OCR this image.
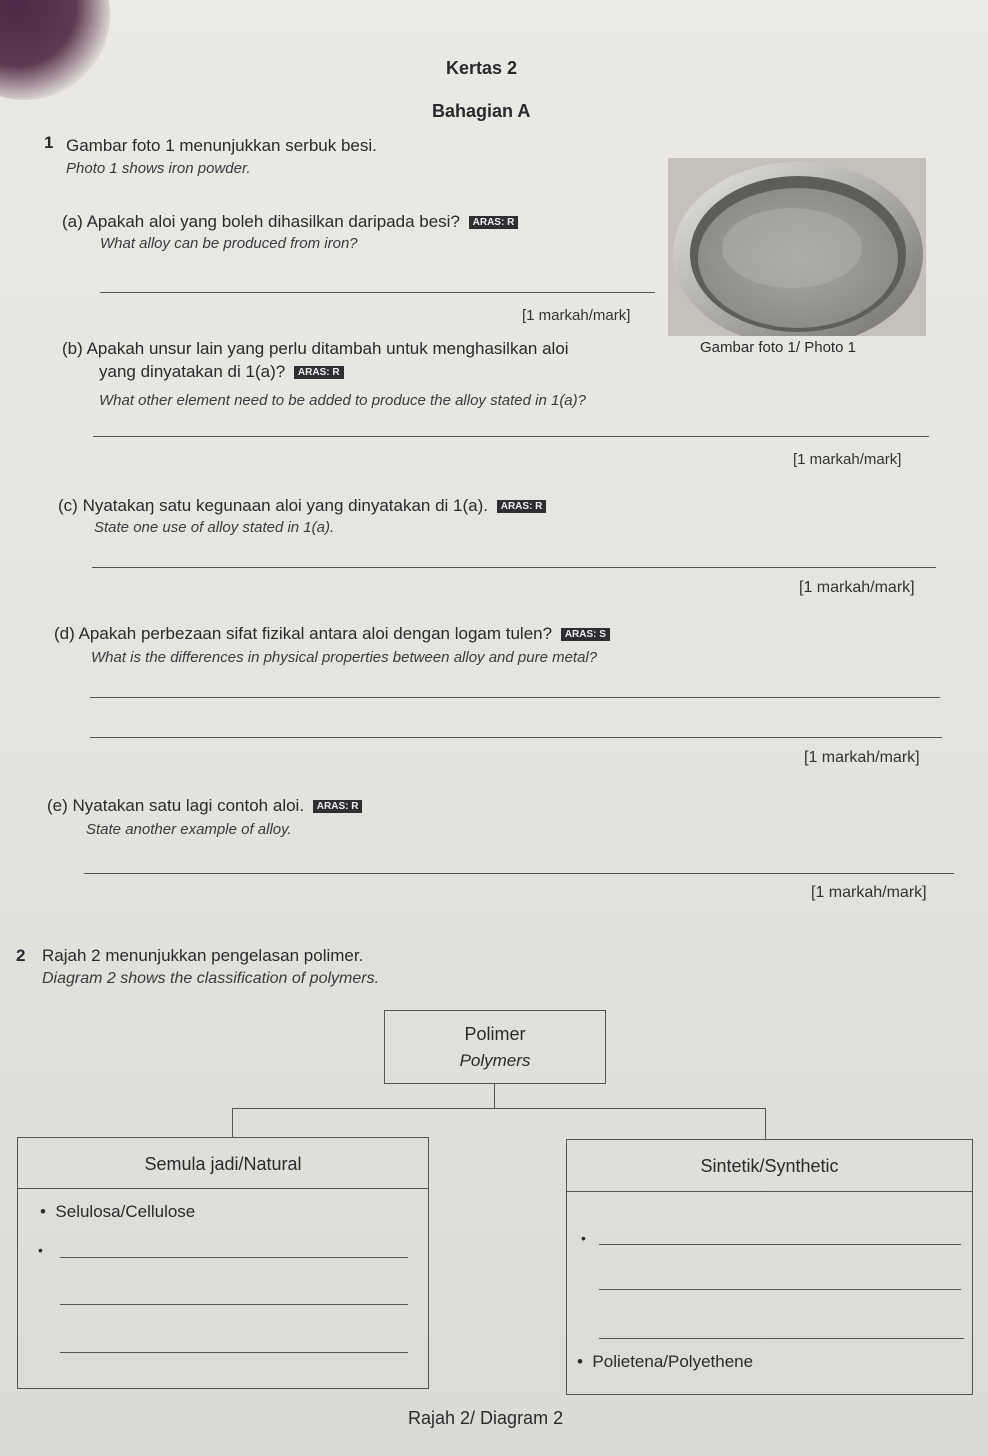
Kertas 2
Bahagian A
1 Gambar foto 1 menunjukkan serbuk besi.
Photo 1 shows iron powder.
Gambar foto 1/ Photo 1
(a) Apakah aloi yang boleh dihasilkan daripada besi? ARAS: R
What alloy can be produced from iron?
[1 markah/mark]
(b) Apakah unsur lain yang perlu ditambah untuk menghasilkan aloi
yang dinyatakan di 1(a)? ARAS: R
What other element need to be added to produce the alloy stated in 1(a)?
[1 markah/mark]
(c) Nyatakaŋ satu kegunaan aloi yang dinyatakan di 1(a). ARAS: R
State one use of alloy stated in 1(a).
[1 markah/mark]
(d) Apakah perbezaan sifat fizikal antara aloi dengan logam tulen? ARAS: S
What is the differences in physical properties between alloy and pure metal?
[1 markah/mark]
(e) Nyatakan satu lagi contoh aloi. ARAS: R
State another example of alloy.
[1 markah/mark]
2 Rajah 2 menunjukkan pengelasan polimer.
Diagram 2 shows the classification of polymers.
Polimer
Polymers
Semula jadi/Natural
•  Selulosa/Cellulose
•
Sintetik/Synthetic
•
•  Polietena/Polyethene
Rajah 2/ Diagram 2
